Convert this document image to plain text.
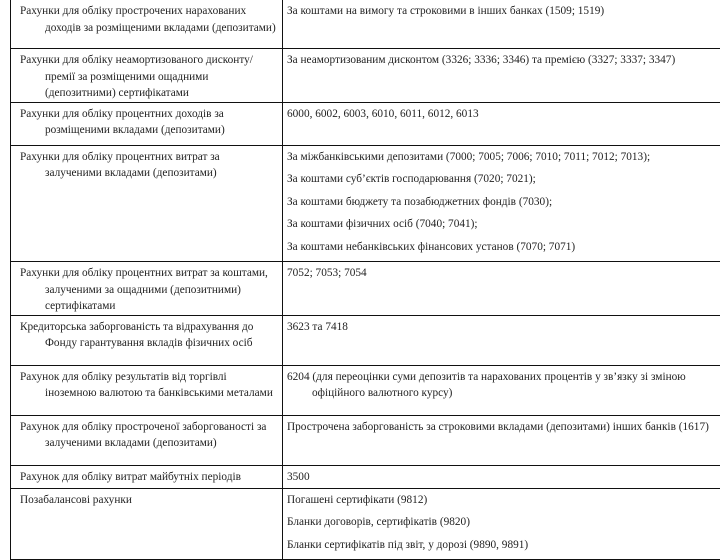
Рахунки для обліку прострочених нарахованих доходів за розміщеними вкладами (депозитами)	За коштами на вимогу та строковими в інших банках (1509; 1519)

Рахунки для обліку неамортизованого дисконту/ премії за розміщеними ощадними (депозитними) сертифікатами	За неамортизованим дисконтом (3326; 3336; 3346) та премією (3327; 3337; 3347)

Рахунки для обліку процентних доходів за розміщеними вкладами (депозитами)	6000, 6002, 6003, 6010, 6011, 6012, 6013

Рахунки для обліку процентних витрат за залученими вкладами (депозитами)	За міжбанківськими депозитами (7000; 7005; 7006; 7010; 7011; 7012; 7013);
За коштами суб’єктів господарювання (7020; 7021);
За коштами бюджету та позабюджетних фондів (7030);
За коштами фізичних осіб (7040; 7041);
За коштами небанківських фінансових установ (7070; 7071)

Рахунки для обліку процентних витрат за коштами, залученими за ощадними (депозитними) сертифікатами	7052; 7053; 7054

Кредиторська заборгованість та відрахування до Фонду гарантування вкладів фізичних осіб	3623 та 7418

Рахунок для обліку результатів від торгівлі іноземною валютою та банківськими металами	6204 (для переоцінки суми депозитів та нарахованих процентів у зв’язку зі зміною офіційного валютного курсу)

Рахунок для обліку простроченої заборгованості за залученими вкладами (депозитами)	Прострочена заборгованість за строковими вкладами (депозитами) інших банків (1617)

Рахунок для обліку витрат майбутніх періодів	3500

Позабалансові рахунки	Погашені сертифікати (9812)
Бланки договорів, сертифікатів (9820)
Бланки сертифікатів під звіт, у дорозі (9890, 9891)
